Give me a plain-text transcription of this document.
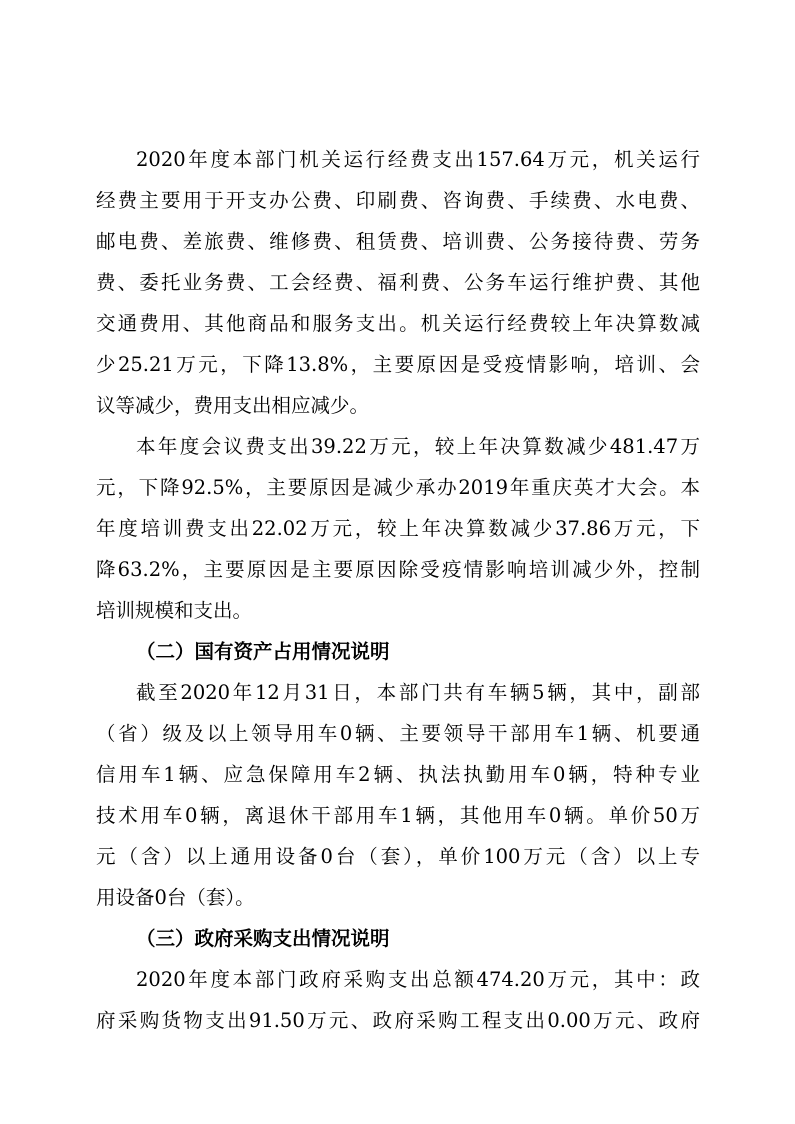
2020年度本部门机关运行经费支出157.64万元，机关运行
经费主要用于开支办公费、印刷费、咨询费、手续费、水电费、
邮电费、差旅费、维修费、租赁费、培训费、公务接待费、劳务
费、委托业务费、工会经费、福利费、公务车运行维护费、其他
交通费用、其他商品和服务支出。机关运行经费较上年决算数减
少25.21万元，下降13.8%，主要原因是受疫情影响，培训、会
议等减少，费用支出相应减少。
本年度会议费支出39.22万元，较上年决算数减少481.47万
元，下降92.5%，主要原因是减少承办2019年重庆英才大会。本
年度培训费支出22.02万元，较上年决算数减少37.86万元，下
降63.2%，主要原因是主要原因除受疫情影响培训减少外，控制
培训规模和支出。
（二）国有资产占用情况说明
截至2020年12月31日，本部门共有车辆5辆，其中，副部
（省）级及以上领导用车0辆、主要领导干部用车1辆、机要通
信用车1辆、应急保障用车2辆、执法执勤用车0辆，特种专业
技术用车0辆，离退休干部用车1辆，其他用车0辆。单价50万
元（含）以上通用设备0台（套），单价100万元（含）以上专
用设备0台（套）。
（三）政府采购支出情况说明
2020年度本部门政府采购支出总额474.20万元，其中：政
府采购货物支出91.50万元、政府采购工程支出0.00万元、政府
